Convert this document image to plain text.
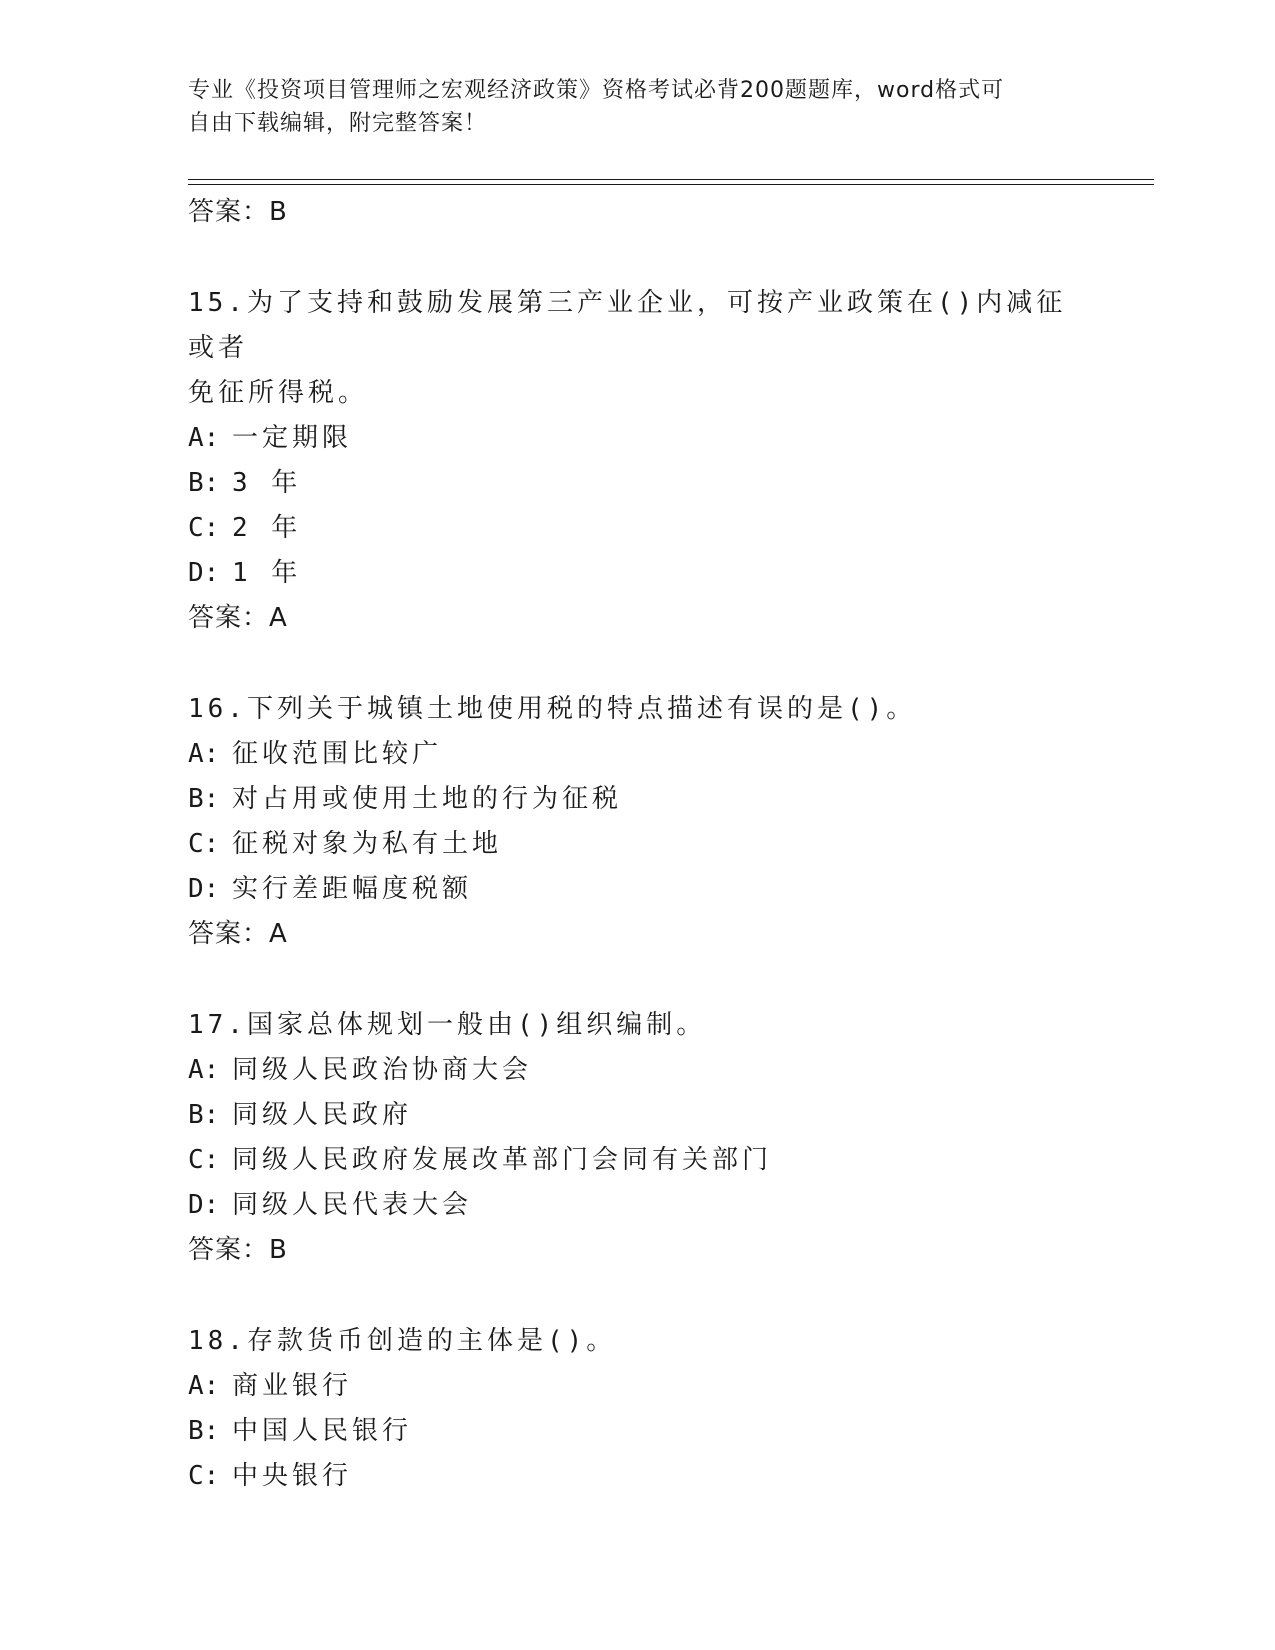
专业《投资项目管理师之宏观经济政策》资格考试必背200题题库，word格式可
自由下载编辑，附完整答案！
答案：B
15.为了支持和鼓励发展第三产业企业，可按产业政策在()内减征或者
免征所得税。
A: 一定期限
B: 3 年
C: 2 年
D: 1 年
答案：A
16.下列关于城镇土地使用税的特点描述有误的是()。
A: 征收范围比较广
B: 对占用或使用土地的行为征税
C: 征税对象为私有土地
D: 实行差距幅度税额
答案：A
17.国家总体规划一般由()组织编制。
A: 同级人民政治协商大会
B: 同级人民政府
C: 同级人民政府发展改革部门会同有关部门
D: 同级人民代表大会
答案：B
18.存款货币创造的主体是()。
A: 商业银行
B: 中国人民银行
C: 中央银行
